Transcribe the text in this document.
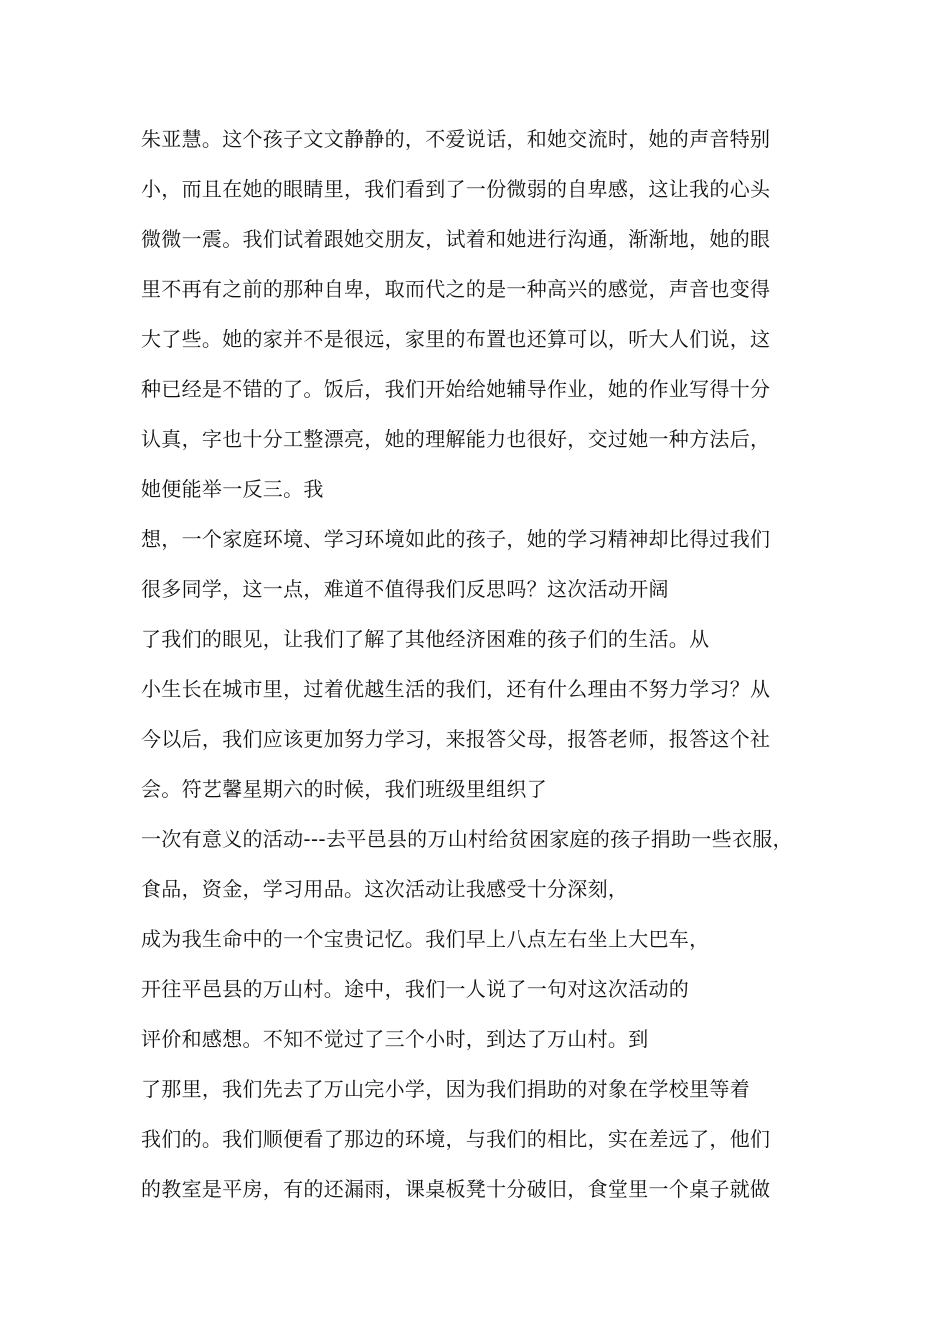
朱亚慧。这个孩子文文静静的，不爱说话，和她交流时，她的声音特别
小，而且在她的眼睛里，我们看到了一份微弱的自卑感，这让我的心头
微微一震。我们试着跟她交朋友，试着和她进行沟通，渐渐地，她的眼
里不再有之前的那种自卑，取而代之的是一种高兴的感觉，声音也变得
大了些。她的家并不是很远，家里的布置也还算可以，听大人们说，这
种已经是不错的了。饭后，我们开始给她辅导作业，她的作业写得十分
认真，字也十分工整漂亮，她的理解能力也很好，交过她一种方法后，
她便能举一反三。我
想，一个家庭环境、学习环境如此的孩子，她的学习精神却比得过我们
很多同学，这一点，难道不值得我们反思吗？这次活动开阔
了我们的眼见，让我们了解了其他经济困难的孩子们的生活。从
小生长在城市里，过着优越生活的我们，还有什么理由不努力学习？从
今以后，我们应该更加努力学习，来报答父母，报答老师，报答这个社
会。符艺馨星期六的时候，我们班级里组织了
一次有意义的活动---去平邑县的万山村给贫困家庭的孩子捐助一些衣服，
食品，资金，学习用品。这次活动让我感受十分深刻，
成为我生命中的一个宝贵记忆。我们早上八点左右坐上大巴车，
开往平邑县的万山村。途中，我们一人说了一句对这次活动的
评价和感想。不知不觉过了三个小时，到达了万山村。到
了那里，我们先去了万山完小学，因为我们捐助的对象在学校里等着
我们的。我们顺便看了那边的环境，与我们的相比，实在差远了，他们
的教室是平房，有的还漏雨，课桌板凳十分破旧，食堂里一个桌子就做
